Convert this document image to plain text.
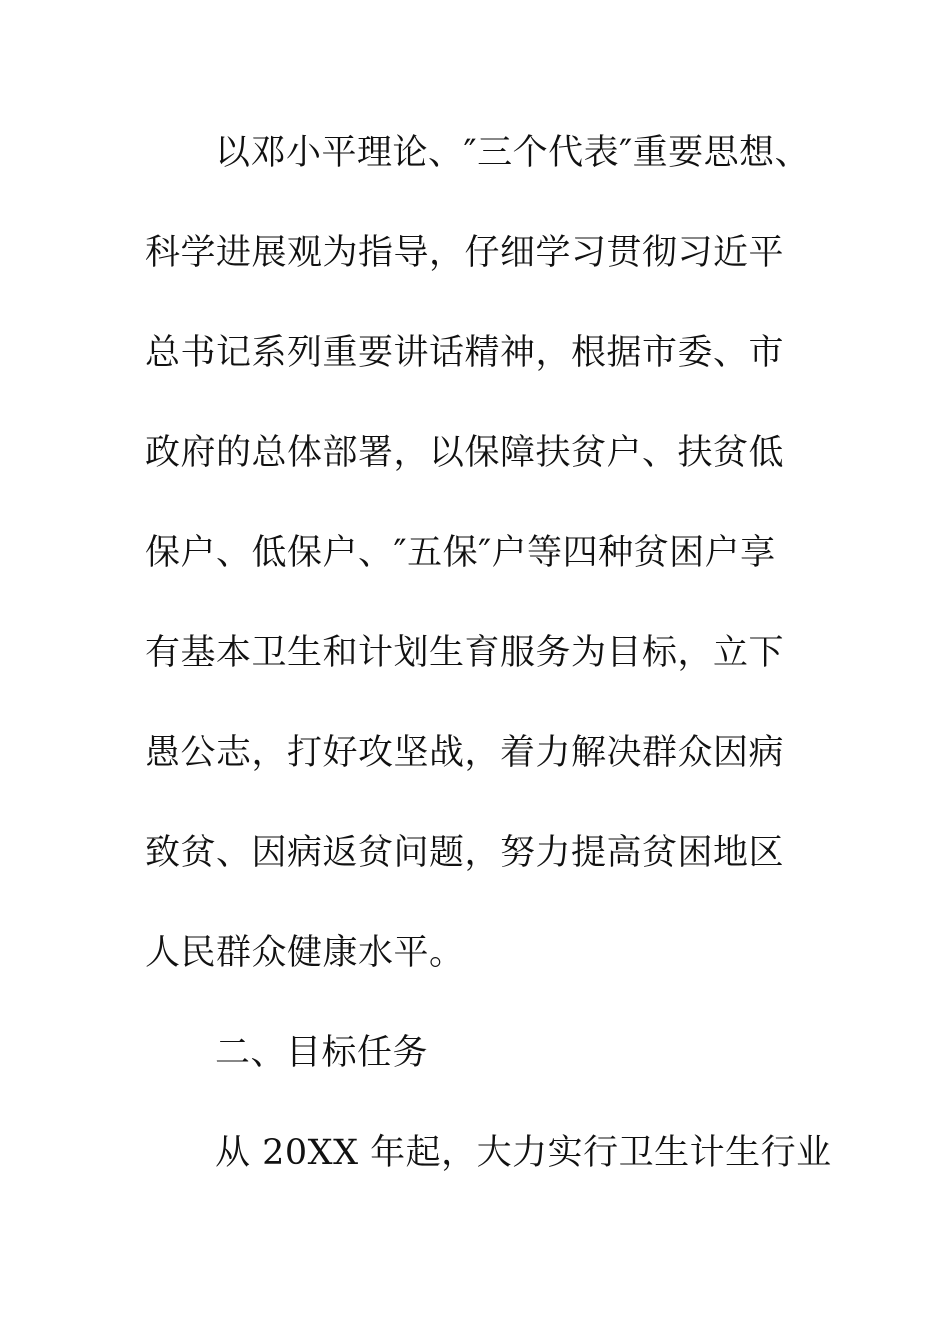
以邓小平理论、″三个代表″重要思想、

科学进展观为指导，仔细学习贯彻习近平

总书记系列重要讲话精神，根据市委、市

政府的总体部署，以保障扶贫户、扶贫低

保户、低保户、″五保″户等四种贫困户享

有基本卫生和计划生育服务为目标，立下

愚公志，打好攻坚战，着力解决群众因病

致贫、因病返贫问题，努力提高贫困地区

人民群众健康水平。

二、目标任务

从 20XX 年起，大力实行卫生计生行业
